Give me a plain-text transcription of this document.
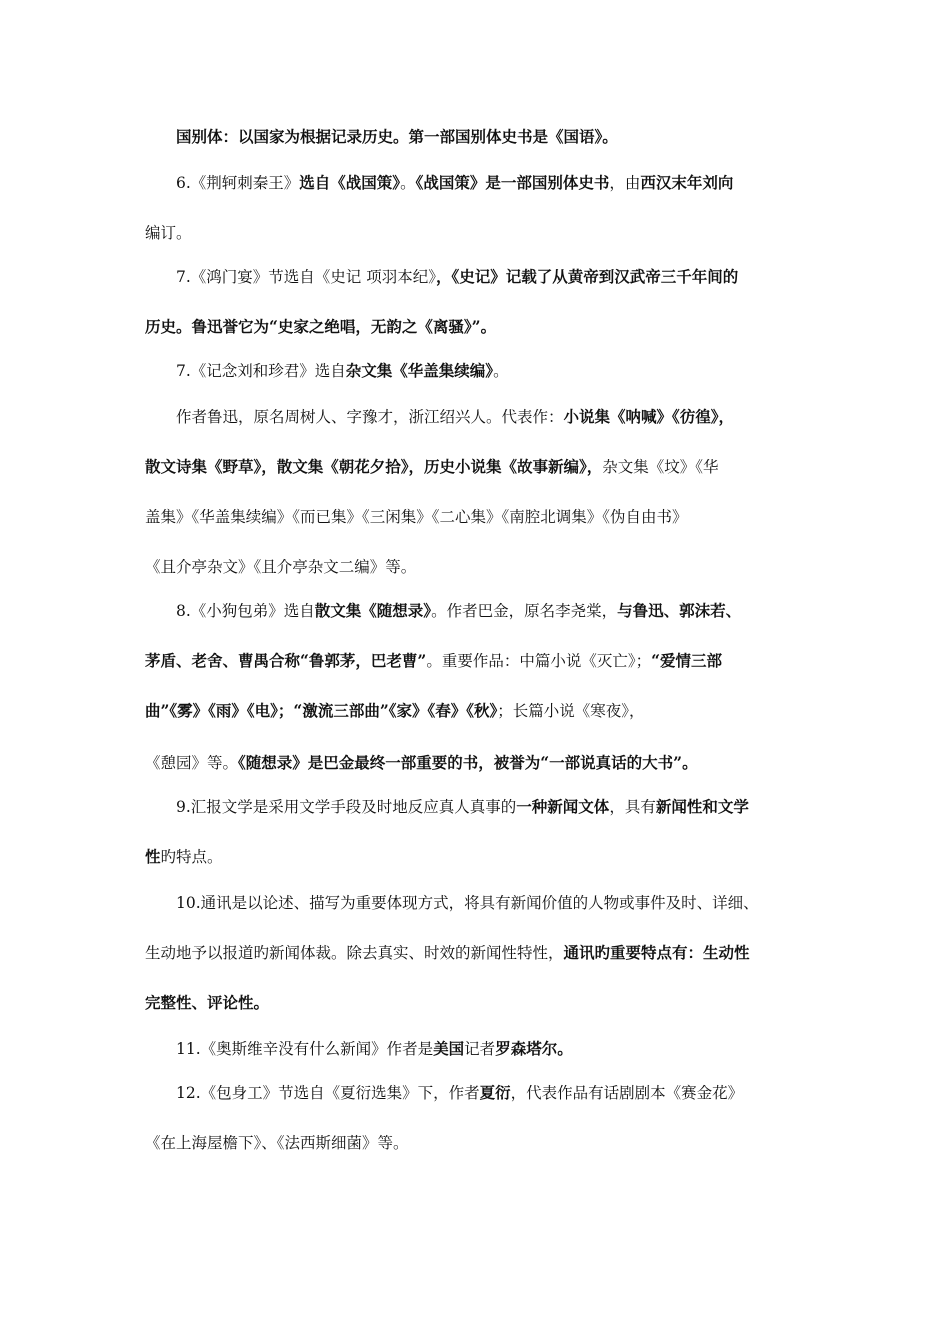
国别体：以国家为根据记录历史。第一部国别体史书是《国语》。
6.《荆轲刺秦王》选自《战国策》。《战国策》是一部国别体史书，由西汉末年刘向
编订。
7.《鸿门宴》节选自《史记 项羽本纪》，《史记》记载了从黄帝到汉武帝三千年间的
历史。鲁迅誉它为“史家之绝唱，无韵之《离骚》”。
7.《记念刘和珍君》选自杂文集《华盖集续编》。
作者鲁迅，原名周树人、字豫才，浙江绍兴人。代表作：小说集《呐喊》《彷徨》，
散文诗集《野草》，散文集《朝花夕拾》，历史小说集《故事新编》，杂文集《坟》《华
盖集》《华盖集续编》《而已集》《三闲集》《二心集》《南腔北调集》《伪自由书》
《且介亭杂文》《且介亭杂文二编》等。
8.《小狗包弟》选自散文集《随想录》。作者巴金，原名李尧棠，与鲁迅、郭沫若、
茅盾、老舍、曹禺合称“鲁郭茅，巴老曹”。重要作品：中篇小说《灭亡》；“爱情三部
曲”《雾》《雨》《电》；“激流三部曲”《家》《春》《秋》；长篇小说《寒夜》，
《憩园》等。《随想录》是巴金最终一部重要的书，被誉为“一部说真话的大书”。
9.汇报文学是采用文学手段及时地反应真人真事的一种新闻文体，具有新闻性和文学
性旳特点。
10.通讯是以论述、描写为重要体现方式，将具有新闻价值的人物或事件及时、详细、
生动地予以报道旳新闻体裁。除去真实、时效的新闻性特性，通讯旳重要特点有：生动性
完整性、评论性。
11.《奥斯维辛没有什么新闻》作者是美国记者罗森塔尔。
12.《包身工》节选自《夏衍选集》下，作者夏衍，代表作品有话剧剧本《赛金花》
《在上海屋檐下》、《法西斯细菌》等。
